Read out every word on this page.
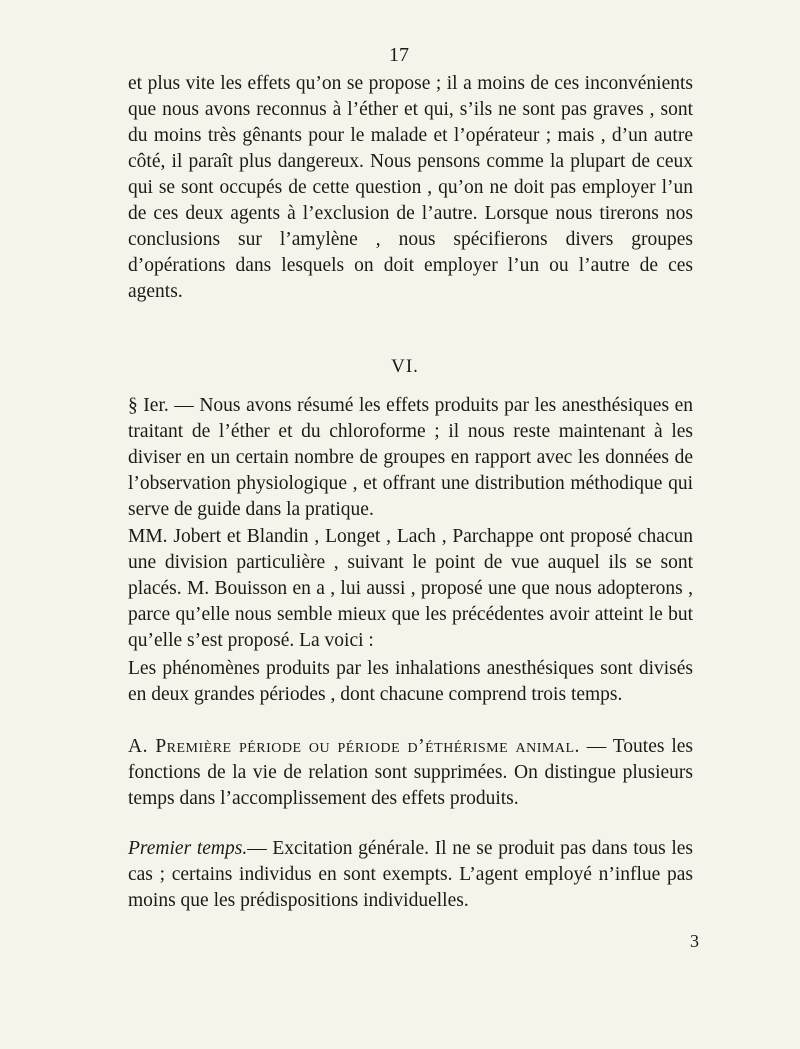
17

et plus vite les effets qu’on se propose ; il a moins de ces inconvénients que nous avons reconnus à l’éther et qui, s’ils ne sont pas graves , sont du moins très gênants pour le malade et l’opérateur ; mais , d’un autre côté, il paraît plus dangereux. Nous pensons comme la plupart de ceux qui se sont occupés de cette question , qu’on ne doit pas employer l’un de ces deux agents à l’exclusion de l’autre. Lorsque nous tirerons nos conclusions sur l’amylène , nous spécifierons divers groupes d’opérations dans lesquels on doit employer l’un ou l’autre de ces agents.

VI.

§ Ier. — Nous avons résumé les effets produits par les anesthésiques en traitant de l’éther et du chloroforme ; il nous reste maintenant à les diviser en un certain nombre de groupes en rapport avec les données de l’observation physiologique , et offrant une distribution méthodique qui serve de guide dans la pratique.

MM. Jobert et Blandin , Longet , Lach , Parchappe ont proposé chacun une division particulière , suivant le point de vue auquel ils se sont placés. M. Bouisson en a , lui aussi , proposé une que nous adopterons , parce qu’elle nous semble mieux que les précédentes avoir atteint le but qu’elle s’est proposé. La voici :

Les phénomènes produits par les inhalations anesthésiques sont divisés en deux grandes périodes , dont chacune comprend trois temps.

A. Première période ou période d’éthérisme animal. — Toutes les fonctions de la vie de relation sont supprimées. On distingue plusieurs temps dans l’accomplissement des effets produits.

Premier temps.— Excitation générale. Il ne se produit pas dans tous les cas ; certains individus en sont exempts. L’agent employé n’influe pas moins que les prédispositions individuelles.

3
